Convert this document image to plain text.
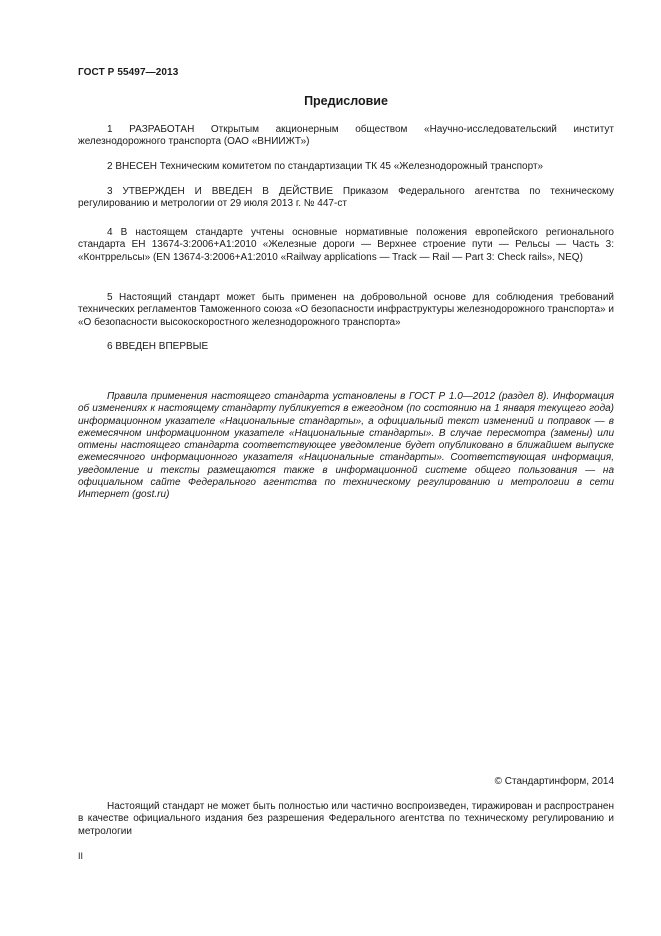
ГОСТ Р 55497—2013
Предисловие

1 РАЗРАБОТАН Открытым акционерным обществом «Научно-исследовательский институт железнодорожного транспорта (ОАО «ВНИИЖТ»)

2 ВНЕСЕН Техническим комитетом по стандартизации ТК 45 «Железнодорожный транспорт»

3 УТВЕРЖДЕН И ВВЕДЕН В ДЕЙСТВИЕ Приказом Федерального агентства по техническому регулированию и метрологии от 29 июля 2013 г. № 447-ст

4 В настоящем стандарте учтены основные нормативные положения европейского регионального стандарта ЕН 13674-3:2006+А1:2010 «Железные дороги — Верхнее строение пути — Рельсы — Часть 3: «Контррельсы» (EN 13674-3:2006+A1:2010 «Railway applications — Track — Rail — Part 3: Check rails», NEQ)

5 Настоящий стандарт может быть применен на добровольной основе для соблюдения требований технических регламентов Таможенного союза «О безопасности инфраструктуры железнодорожного транспорта» и «О безопасности высокоскоростного железнодорожного транспорта»

6 ВВЕДЕН ВПЕРВЫЕ

Правила применения настоящего стандарта установлены в ГОСТ Р 1.0—2012 (раздел 8). Информация об изменениях к настоящему стандарту публикуется в ежегодном (по состоянию на 1 января текущего года) информационном указателе «Национальные стандарты», а официальный текст изменений и поправок — в ежемесячном информационном указателе «Национальные стандарты». В случае пересмотра (замены) или отмены настоящего стандарта соответствующее уведомление будет опубликовано в ближайшем выпуске ежемесячного информационного указателя «Национальные стандарты». Соответствующая информация, уведомление и тексты размещаются также в информационной системе общего пользования — на официальном сайте Федерального агентства по техническому регулированию и метрологии в сети Интернет (gost.ru)

© Стандартинформ, 2014

Настоящий стандарт не может быть полностью или частично воспроизведен, тиражирован и распространен в качестве официального издания без разрешения Федерального агентства по техническому регулированию и метрологии

II
